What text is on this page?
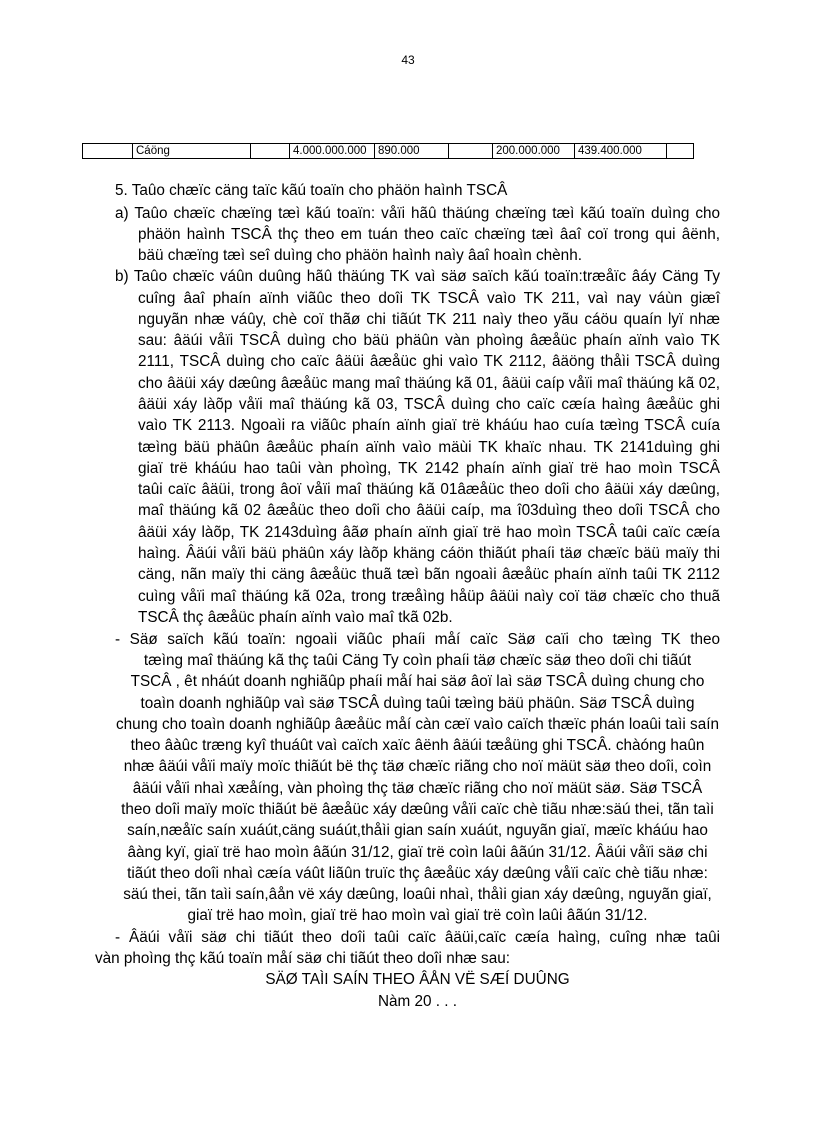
43
	Cáöng		4.000.000.000	890.000		200.000.000	439.400.000	
5. Taûo chæïc cäng taïc kãú toaïn cho phäön haình TSCÂ
a) Taûo chæïc chæïng tæì kãú toaïn: våïi hãû thäúng chæïng tæì kãú toaïn duìng cho
phäön haình TSCÂ thç theo em tuán theo caïc chæïng tæì âaî coï trong qui âënh,
bäü chæïng tæì seî duìng cho phäön haình naìy âaî hoaìn chènh.
b) Taûo chæïc váûn duûng hãû thäúng TK vaì säø saïch kãú toaïn:træåïc âáy Cäng Ty
cuîng âaî phaín aïnh viãûc theo doîi TK TSCÂ vaìo TK 211, vaì nay váùn giæî
nguyãn nhæ váûy, chè coï thãø chi tiãút TK 211 naìy theo yãu cáöu quaín lyï nhæ
sau: âäúi våïi TSCÂ duìng cho bäü phäûn vàn phoìng âæåüc phaín aïnh vaìo TK
2111, TSCÂ duìng cho caïc âäüi âæåüc ghi vaìo TK 2112, âäöng thåìi TSCÂ duìng
cho âäüi xáy dæûng âæåüc mang maî thäúng kã 01, âäüi caíp våïi maî thäúng kã 02,
âäüi xáy làõp våïi maî thäúng kã 03, TSCÂ duìng cho caïc cæía haìng âæåüc ghi
vaìo TK 2113. Ngoaìi ra viãûc phaín aïnh giaï trë kháúu hao cuía tæìng TSCÂ cuía
tæìng bäü phäûn âæåüc phaín aïnh vaìo mäùi TK khaïc nhau. TK 2141duìng ghi
giaï trë kháúu hao taûi vàn phoìng, TK 2142 phaín aïnh giaï trë hao moìn TSCÂ
taûi caïc âäüi, trong âoï våïi maî thäúng kã 01âæåüc theo doîi cho âäüi xáy dæûng,
maî thäúng kã 02 âæåüc theo doîi cho âäüi caíp, ma î03duìng theo doîi TSCÂ cho
âäüi xáy làõp, TK 2143duìng âãø phaín aïnh giaï trë hao moìn TSCÂ taûi caïc cæía
haìng. Âäúi våïi bäü phäûn xáy làõp khäng cáön thiãút phaíi täø chæïc bäü maïy thi
cäng, nãn maïy thi cäng âæåüc thuã tæì bãn ngoaìi âæåüc phaín aïnh taûi TK 2112
cuìng våïi maî thäúng kã 02a, trong træåìng håüp âäüi naìy coï täø chæïc cho thuã
TSCÂ thç âæåüc phaín aïnh vaìo maî tkã 02b.
- Säø saïch kãú toaïn: ngoaìi viãûc phaíi måí caïc Säø caïi cho tæìng TK theo
tæìng maî thäúng kã thç taûi Cäng Ty coìn phaíi täø chæïc säø theo doîi chi tiãút
TSCÂ , êt nháút doanh nghiãûp phaíi måí hai säø âoï laì säø TSCÂ duìng chung cho
toaìn doanh nghiãûp vaì säø TSCÂ duìng taûi tæìng bäü phäûn. Säø TSCÂ duìng
chung cho toaìn doanh nghiãûp âæåüc måí càn cæï vaìo caïch thæïc phán loaûi taìi saín
theo âàûc træng kyî thuáût vaì caïch xaïc âënh âäúi tæåüng ghi TSCÂ. chàóng haûn
nhæ âäúi våïi maïy moïc thiãút bë thç täø chæïc riãng cho noï mäüt säø theo doîi, coìn
âäúi våïi nhaì xæåíng, vàn phoìng thç täø chæïc riãng cho noï mäüt säø. Säø TSCÂ
theo doîi maïy moïc thiãút bë âæåüc xáy dæûng våïi caïc chè tiãu nhæ:säú thei, tãn taìi
saín,næåïc saín xuáút,cäng suáút,thåìi gian saín xuáút, nguyãn giaï, mæïc kháúu hao
âàng kyï, giaï trë hao moìn âãún 31/12, giaï trë coìn laûi âãún 31/12. Âäúi våïi säø chi
tiãút theo doîi nhaì cæía váût liãûn truïc thç âæåüc xáy dæûng våïi caïc chè tiãu nhæ:
säú thei, tãn taìi saín,âån vë xáy dæûng, loaûi nhaì, thåìi gian xáy dæûng, nguyãn giaï,
giaï trë hao moìn, giaï trë hao moìn vaì giaï trë coìn laûi âãún 31/12.
- Âäúi våïi säø chi tiãút theo doîi taûi caïc âäüi,caïc cæía haìng, cuîng nhæ taûi
vàn phoìng thç kãú toaïn måí säø chi tiãút theo doîi nhæ sau:
SÄØ TAÌI SAÍN THEO ÂÅN VË SÆÍ DUÛNG
Nàm 20 . . .
